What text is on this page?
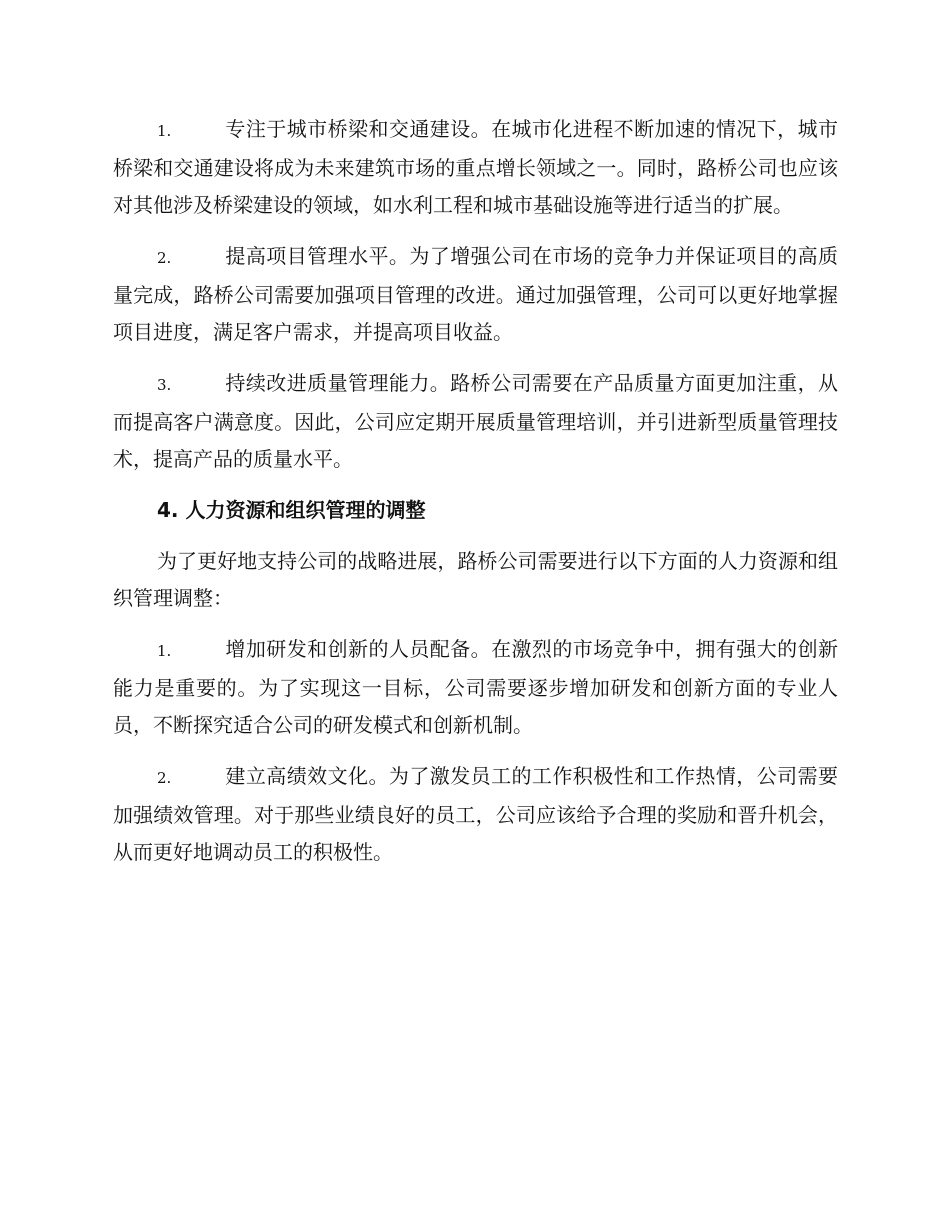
1.	专注于城市桥梁和交通建设。在城市化进程不断加速的情况下，城市桥梁和交通建设将成为未来建筑市场的重点增长领域之一。同时，路桥公司也应该对其他涉及桥梁建设的领域，如水利工程和城市基础设施等进行适当的扩展。

2.	提高项目管理水平。为了增强公司在市场的竞争力并保证项目的高质量完成，路桥公司需要加强项目管理的改进。通过加强管理，公司可以更好地掌握项目进度，满足客户需求，并提高项目收益。

3.	持续改进质量管理能力。路桥公司需要在产品质量方面更加注重，从而提高客户满意度。因此，公司应定期开展质量管理培训，并引进新型质量管理技术，提高产品的质量水平。

4. 人力资源和组织管理的调整

为了更好地支持公司的战略进展，路桥公司需要进行以下方面的人力资源和组织管理调整：

1.	增加研发和创新的人员配备。在激烈的市场竞争中，拥有强大的创新能力是重要的。为了实现这一目标，公司需要逐步增加研发和创新方面的专业人员，不断探究适合公司的研发模式和创新机制。

2.	建立高绩效文化。为了激发员工的工作积极性和工作热情，公司需要加强绩效管理。对于那些业绩良好的员工，公司应该给予合理的奖励和晋升机会，从而更好地调动员工的积极性。
